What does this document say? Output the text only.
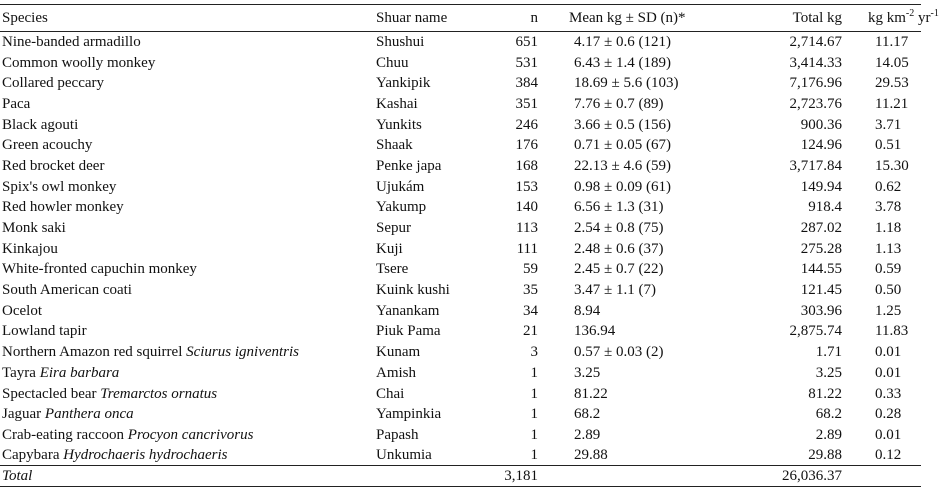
Species	Shuar name	n	Mean kg ± SD (n)*	Total kg	kg $km^{-2}$ $yr^{-1}$
Nine-banded armadillo	Shushui	651	4.17 ± 0.6 (121)	2,714.67	11.17
Common woolly monkey	Chuu	531	6.43 ± 1.4 (189)	3,414.33	14.05
Collared peccary	Yankipik	384	18.69 ± 5.6 (103)	7,176.96	29.53
Paca	Kashai	351	7.76 ± 0.7 (89)	2,723.76	11.21
Black agouti	Yunkits	246	3.66 ± 0.5 (156)	900.36	3.71
Green acouchy	Shaak	176	0.71 ± 0.05 (67)	124.96	0.51
Red brocket deer	Penke japa	168	22.13 ± 4.6 (59)	3,717.84	15.30
Spix's owl monkey	Ujukám	153	0.98 ± 0.09 (61)	149.94	0.62
Red howler monkey	Yakump	140	6.56 ± 1.3 (31)	918.4	3.78
Monk saki	Sepur	113	2.54 ± 0.8 (75)	287.02	1.18
Kinkajou	Kuji	111	2.48 ± 0.6 (37)	275.28	1.13
White-fronted capuchin monkey	Tsere	59	2.45 ± 0.7 (22)	144.55	0.59
South American coati	Kuink kushi	35	3.47 ± 1.1 (7)	121.45	0.50
Ocelot	Yanankam	34	8.94	303.96	1.25
Lowland tapir	Piuk Pama	21	136.94	2,875.74	11.83
Northern Amazon red squirrel Sciurus igniventris	Kunam	3	0.57 ± 0.03 (2)	1.71	0.01
Tayra Eira barbara	Amish	1	3.25	3.25	0.01
Spectacled bear Tremarctos ornatus	Chai	1	81.22	81.22	0.33
Jaguar Panthera onca	Yampinkia	1	68.2	68.2	0.28
Crab-eating raccoon Procyon cancrivorus	Papash	1	2.89	2.89	0.01
Capybara Hydrochaeris hydrochaeris	Unkumia	1	29.88	29.88	0.12
Total		3,181		26,036.37	
